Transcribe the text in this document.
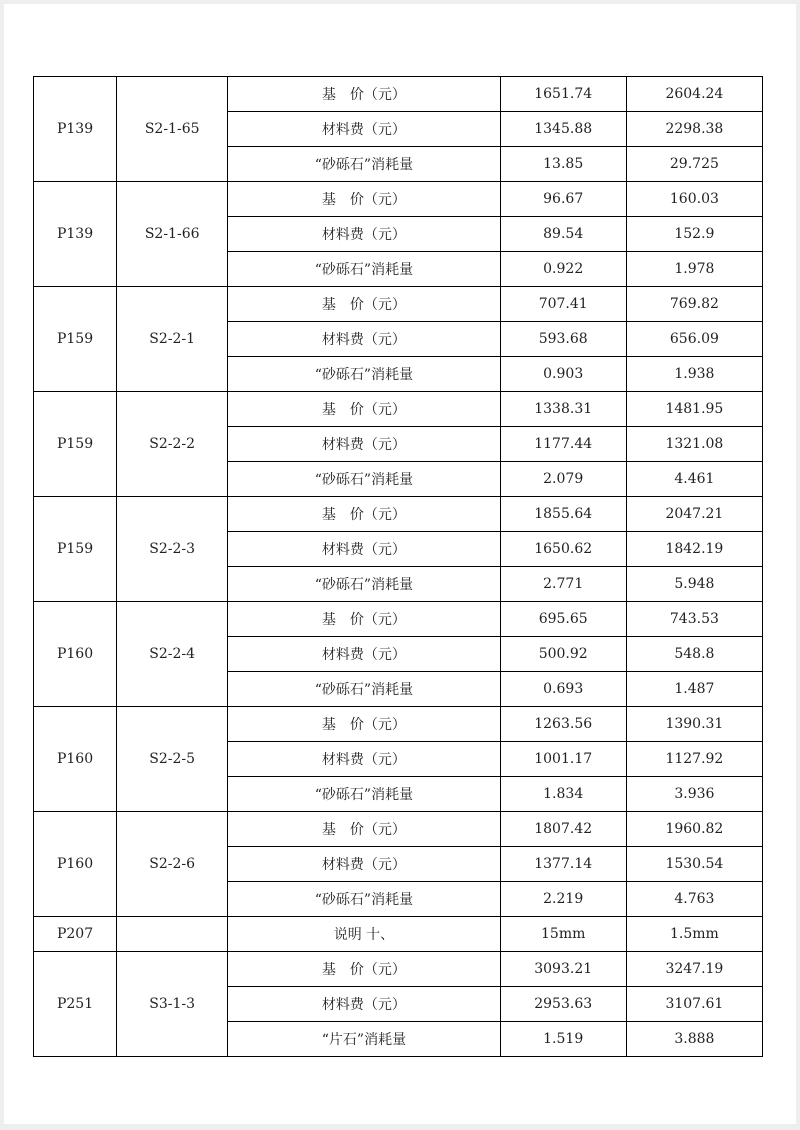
P139	S2-1-65	基　价（元）	1651.74	2604.24
		材料费（元）	1345.88	2298.38
		“砂砾石”消耗量	13.85	29.725
P139	S2-1-66	基　价（元）	96.67	160.03
		材料费（元）	89.54	152.9
		“砂砾石”消耗量	0.922	1.978
P159	S2-2-1	基　价（元）	707.41	769.82
		材料费（元）	593.68	656.09
		“砂砾石”消耗量	0.903	1.938
P159	S2-2-2	基　价（元）	1338.31	1481.95
		材料费（元）	1177.44	1321.08
		“砂砾石”消耗量	2.079	4.461
P159	S2-2-3	基　价（元）	1855.64	2047.21
		材料费（元）	1650.62	1842.19
		“砂砾石”消耗量	2.771	5.948
P160	S2-2-4	基　价（元）	695.65	743.53
		材料费（元）	500.92	548.8
		“砂砾石”消耗量	0.693	1.487
P160	S2-2-5	基　价（元）	1263.56	1390.31
		材料费（元）	1001.17	1127.92
		“砂砾石”消耗量	1.834	3.936
P160	S2-2-6	基　价（元）	1807.42	1960.82
		材料费（元）	1377.14	1530.54
		“砂砾石”消耗量	2.219	4.763
P207		说明 十、	15mm	1.5mm
P251	S3-1-3	基　价（元）	3093.21	3247.19
		材料费（元）	2953.63	3107.61
		“片石”消耗量	1.519	3.888
